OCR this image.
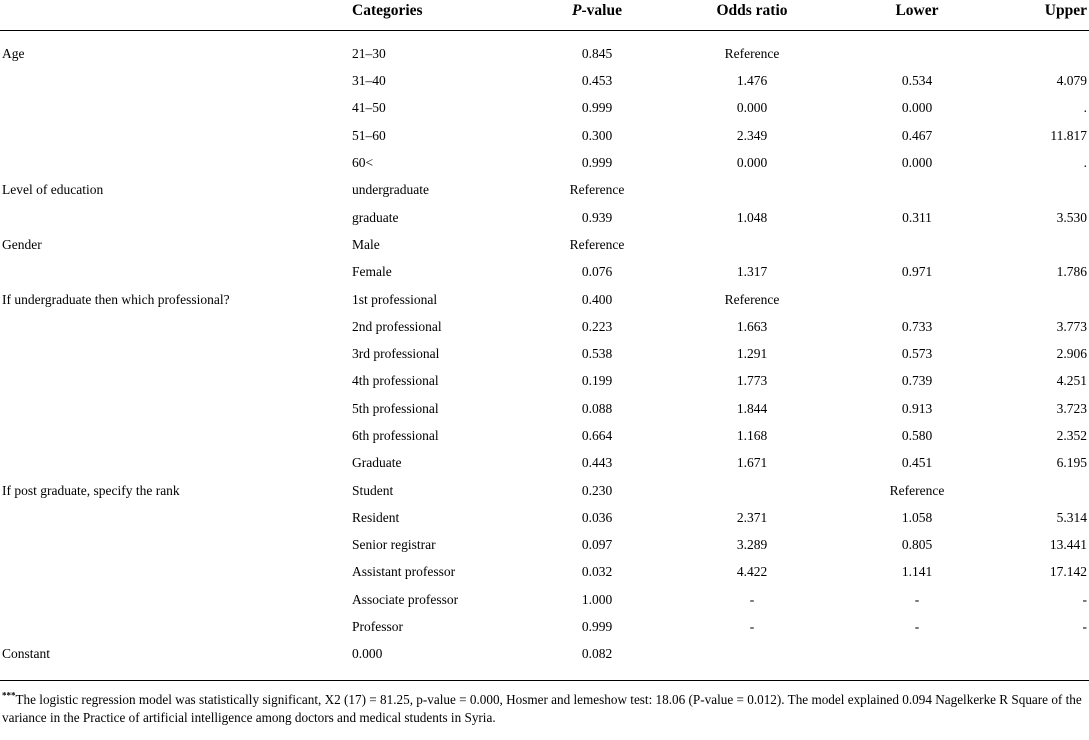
	Categories	P-value	Odds ratio	Lower	Upper
Age	21–30	0.845	Reference		
	31–40	0.453	1.476	0.534	4.079
	41–50	0.999	0.000	0.000	.
	51–60	0.300	2.349	0.467	11.817
	60<	0.999	0.000	0.000	.
Level of education	undergraduate	Reference			
	graduate	0.939	1.048	0.311	3.530
Gender	Male	Reference			
	Female	0.076	1.317	0.971	1.786
If undergraduate then which professional?	1st professional	0.400	Reference		
	2nd professional	0.223	1.663	0.733	3.773
	3rd professional	0.538	1.291	0.573	2.906
	4th professional	0.199	1.773	0.739	4.251
	5th professional	0.088	1.844	0.913	3.723
	6th professional	0.664	1.168	0.580	2.352
	Graduate	0.443	1.671	0.451	6.195
If post graduate, specify the rank	Student	0.230		Reference	
	Resident	0.036	2.371	1.058	5.314
	Senior registrar	0.097	3.289	0.805	13.441
	Assistant professor	0.032	4.422	1.141	17.142
	Associate professor	1.000	-	-	-
	Professor	0.999	-	-	-
Constant	0.000	0.082			
***The logistic regression model was statistically significant, X2 (17) = 81.25, p-value = 0.000, Hosmer and lemeshow test: 18.06 (P-value = 0.012). The model explained 0.094 Nagelkerke R Square of the variance in the Practice of artificial intelligence among doctors and medical students in Syria.
